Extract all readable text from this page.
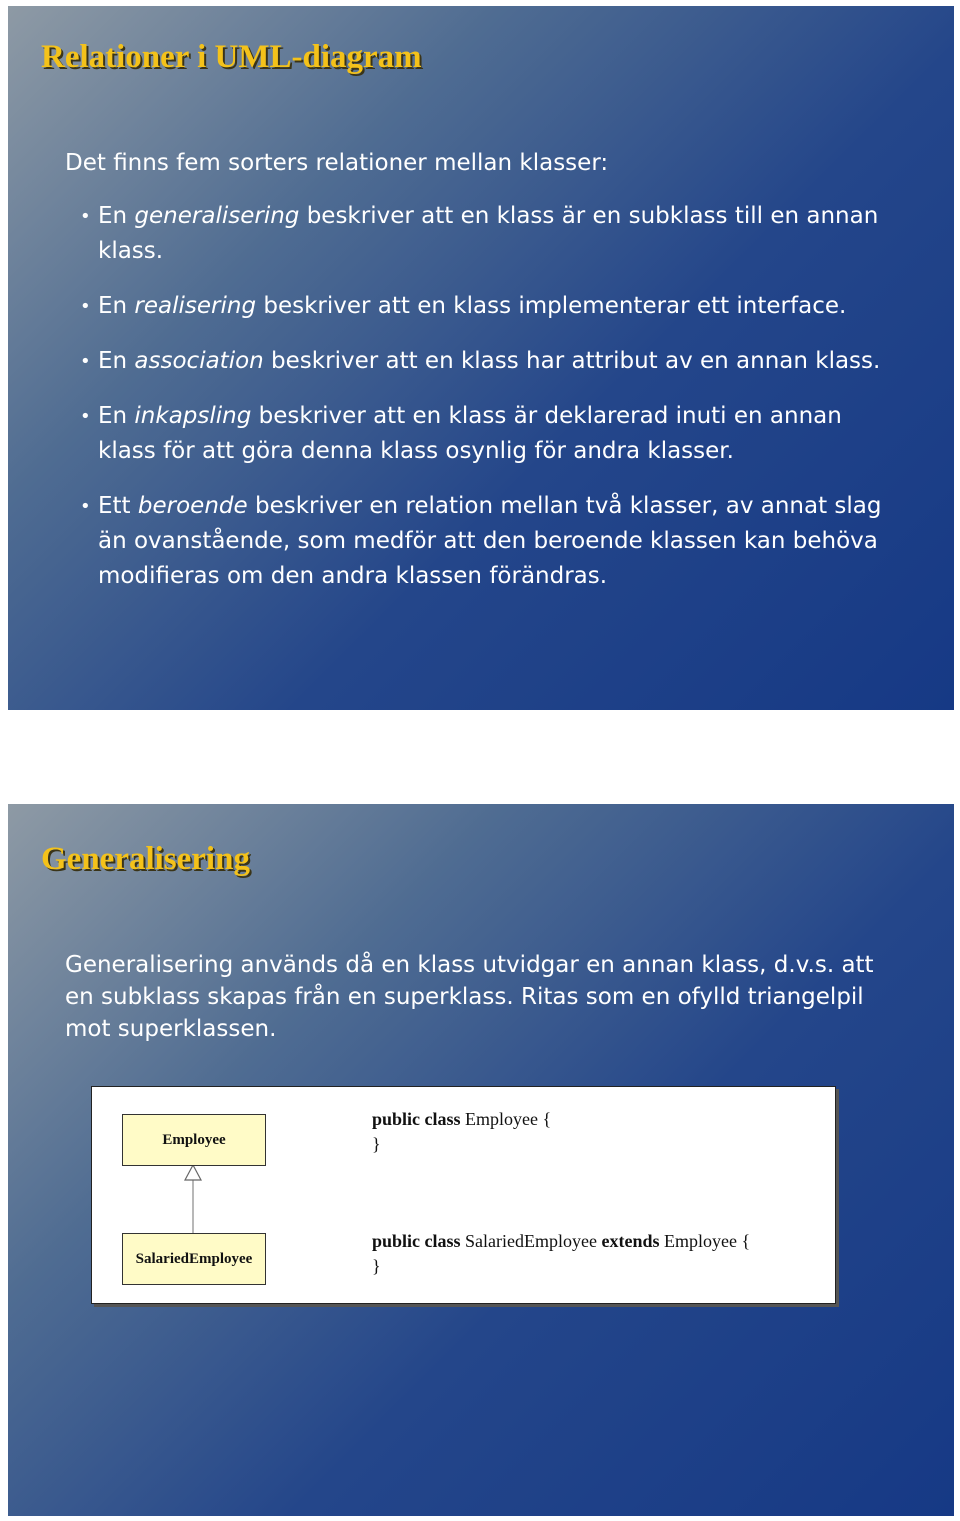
Relationer i UML-diagram
Det finns fem sorters relationer mellan klasser:
• En generalisering beskriver att en klass är en subklass till en annan klass.
• En realisering beskriver att en klass implementerar ett interface.
• En association beskriver att en klass har attribut av en annan klass.
• En inkapsling beskriver att en klass är deklarerad inuti en annan klass för att göra denna klass osynlig för andra klasser.
• Ett beroende beskriver en relation mellan två klasser, av annat slag än ovanstående, som medför att den beroende klassen kan behöva modifieras om den andra klassen förändras.
Generalisering
Generalisering används då en klass utvidgar en annan klass, d.v.s. att en subklass skapas från en superklass. Ritas som en ofylld triangelpil mot superklassen.
Employee
SalariedEmployee
public class Employee {
}
public class SalariedEmployee extends Employee {
}
